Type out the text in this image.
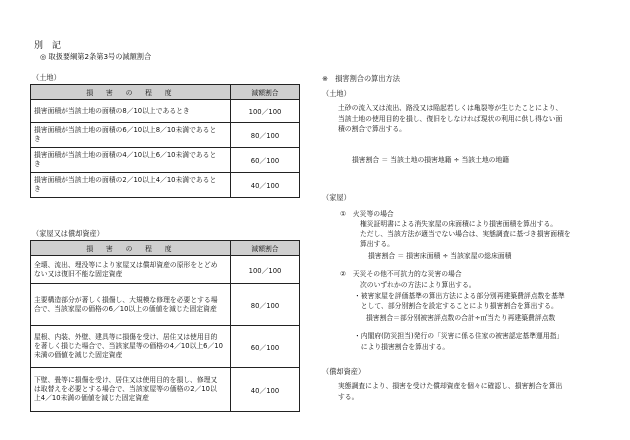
別　記
◎ 取扱要綱第2条第3号の減額割合
（土地）
損　害　の　程　度	減額割合
損害面積が当該土地の面積の8／10以上であるとき	100／100
損害面積が当該土地の面積の6／10以上8／10未満であると
き	80／100
損害面積が当該土地の面積の4／10以上6／10未満であると
き	60／100
損害面積が当該土地の面積の2／10以上4／10未満であると
き	40／100
（家屋又は償却資産）
損　害　の　程　度	減額割合
全壊、流出、埋没等により家屋又は償却資産の原形をとどめ
ない又は復旧不能な固定資産	100／100
主要構造部分が著しく損傷し、大規模な修理を必要とする場
合で、当該家屋の価格の6／10以上の価値を減じた固定資産	80／100
屋根、内装、外壁、建具等に損傷を受け、居住又は使用目的
を著しく損じた場合で、当該家屋等の価格の4／10以上6／10
未満の価値を減じた固定資産	60／100
下壁、畳等に損傷を受け、居住又は使用目的を損し、修理又
は取替えを必要とする場合で、当該家屋等の価格の2／10以
上4／10未満の価値を減じた固定資産	40／100
※　損害割合の算出方法
（土地）
土砂の流入又は流出、路没又は陥起若しくは亀裂等が生じたことにより、
当該土地の使用目的を損し、復旧をしなければ現状の利用に供し得ない面
積の割合で算出する。
損害割合 ＝ 当該土地の損害地籍 ÷ 当該土地の地籍
（家屋）
①　火災等の場合
権災証明書による消失家屋の床面積により損害面積を算出する。
ただし、当該方法が適当でない場合は、実態調査に基づき損害面積を
算出する。
損害割合 ＝ 損害床面積 ÷ 当該家屋の総床面積
②　天災その他不可抗力的な災害の場合
次のいずれかの方法により算出する。
・被害家屋を評価基準の算出方法による部分別再建築費評点数を基準
　として、部分別割合を設定することにより損害割合を算出する。
損害割合＝部分別被害評点数の合計÷㎡当たり再建築費評点数
・内閣府(防災担当)発行の「災害に係る住家の被害認定基準運用指」
　により損害割合を算出する。
（償却資産）
実態調査により、損害を受けた償却資産を個々に確認し、損害割合を算出
する。
